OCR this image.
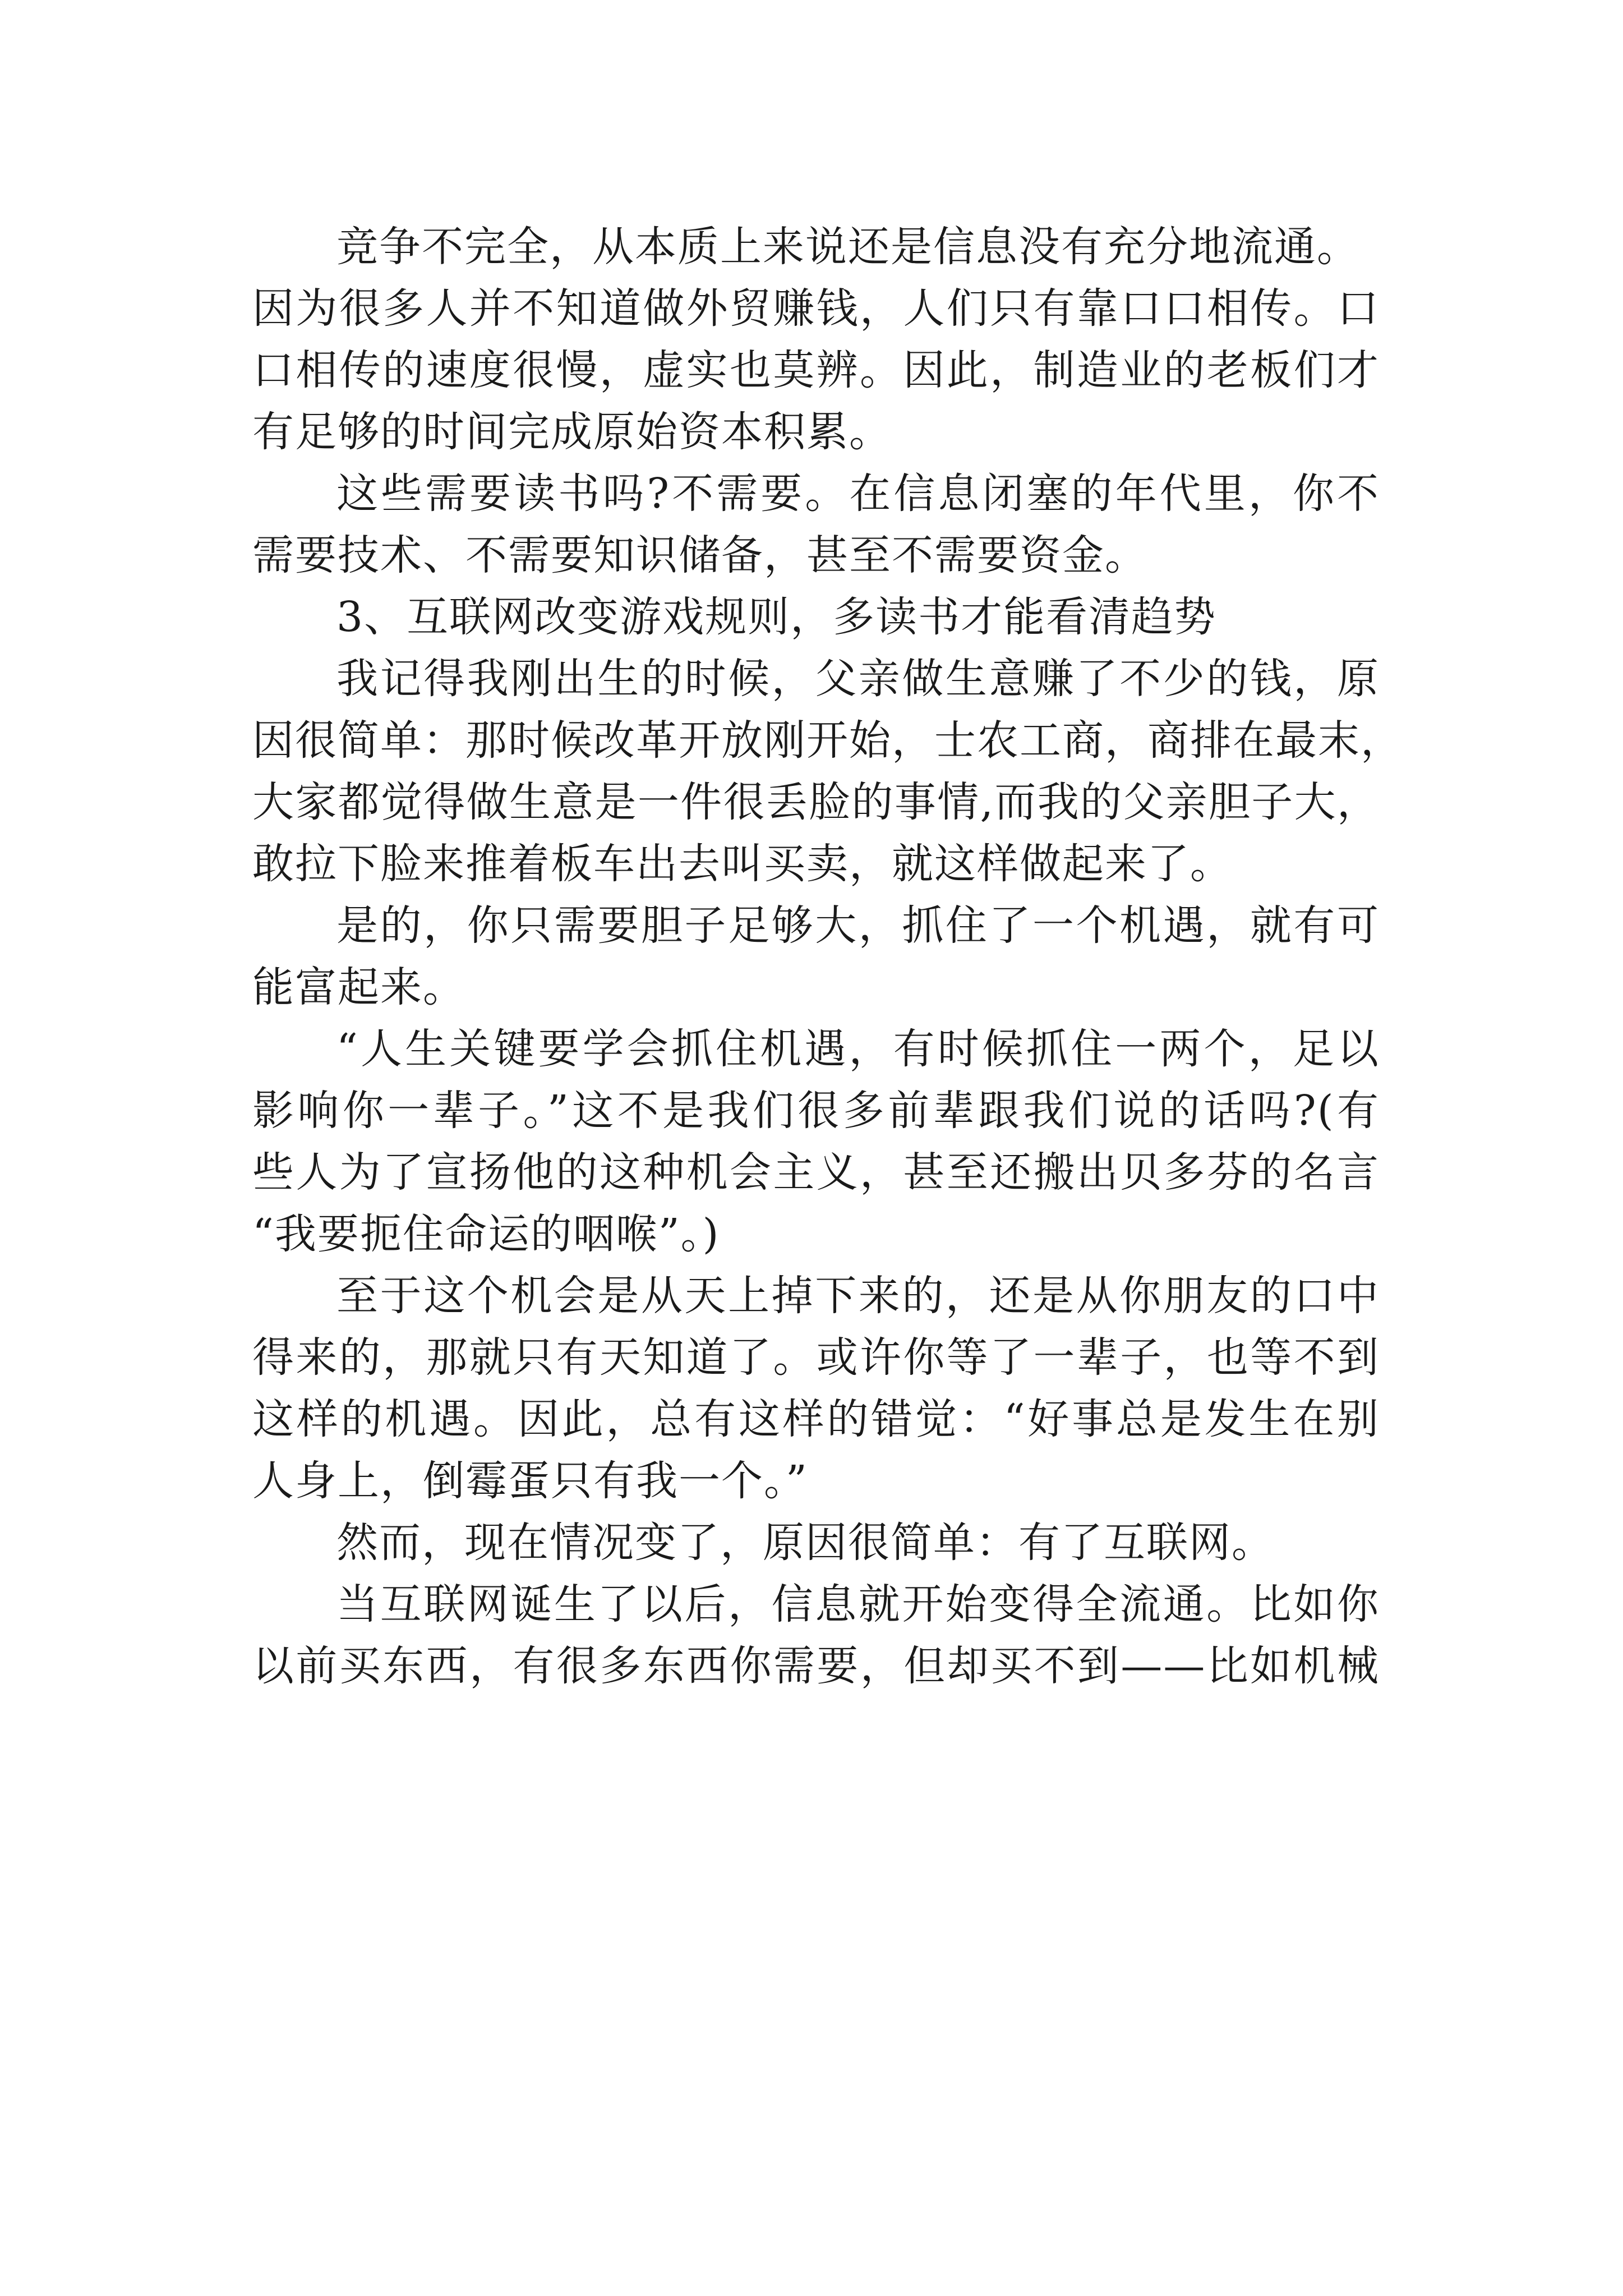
竞争不完全，从本质上来说还是信息没有充分地流通。
因为很多人并不知道做外贸赚钱，人们只有靠口口相传。口
口相传的速度很慢，虚实也莫辨。因此，制造业的老板们才
有足够的时间完成原始资本积累。
这些需要读书吗?不需要。在信息闭塞的年代里，你不
需要技术、不需要知识储备，甚至不需要资金。
3、互联网改变游戏规则，多读书才能看清趋势
我记得我刚出生的时候，父亲做生意赚了不少的钱，原
因很简单：那时候改革开放刚开始，士农工商，商排在最末，
大家都觉得做生意是一件很丢脸的事情,而我的父亲胆子大，
敢拉下脸来推着板车出去叫买卖，就这样做起来了。
是的，你只需要胆子足够大，抓住了一个机遇，就有可
能富起来。
“人生关键要学会抓住机遇，有时候抓住一两个，足以
影响你一辈子。”这不是我们很多前辈跟我们说的话吗?(有
些人为了宣扬他的这种机会主义，甚至还搬出贝多芬的名言
“我要扼住命运的咽喉”。)
至于这个机会是从天上掉下来的，还是从你朋友的口中
得来的，那就只有天知道了。或许你等了一辈子，也等不到
这样的机遇。因此，总有这样的错觉：“好事总是发生在别
人身上，倒霉蛋只有我一个。”
然而，现在情况变了，原因很简单：有了互联网。
当互联网诞生了以后，信息就开始变得全流通。比如你
以前买东西，有很多东西你需要，但却买不到——比如机械
